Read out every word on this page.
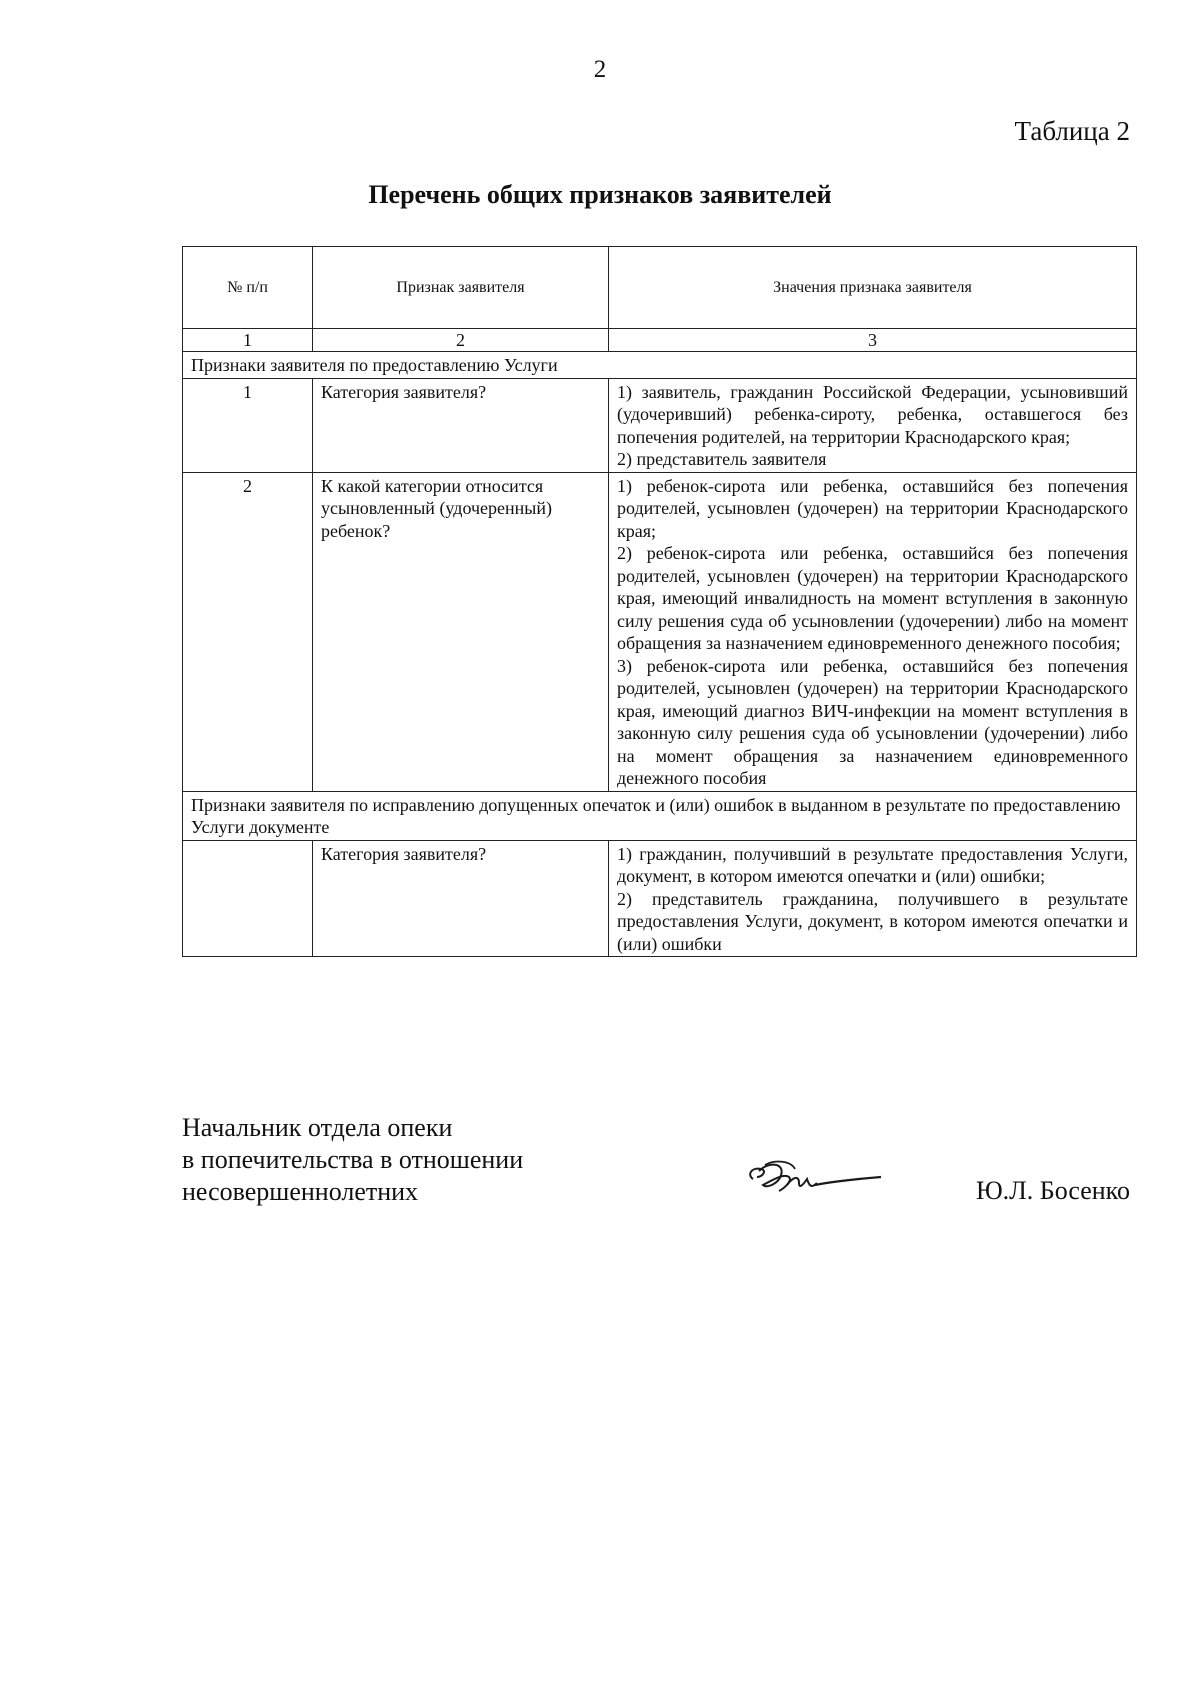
2
Таблица 2
Перечень общих признаков заявителей
№ п/п	Признак заявителя	Значения признака заявителя
1	2	3
Признаки заявителя по предоставлению Услуги		
1	Категория заявителя?	1) заявитель, гражданин Российской Федерации, усыновивший (удочеривший) ребенка-сироту, ребенка, оставшегося без попечения родителей, на территории Краснодарского края;
2) представитель заявителя

2	К какой категории относится усыновленный (удочеренный) ребенок?	1) ребенок-сирота или ребенка, оставшийся без попечения родителей, усыновлен (удочерен) на территории Краснодарского края;
2) ребенок-сирота или ребенка, оставшийся без попечения родителей, усыновлен (удочерен) на территории Краснодарского края, имеющий инвалидность на момент вступления в законную силу решения суда об усыновлении (удочерении) либо на момент обращения за назначением единовременного денежного пособия;
3) ребенок-сирота или ребенка, оставшийся без попечения родителей, усыновлен (удочерен) на территории Краснодарского края, имеющий диагноз ВИЧ-инфекции на момент вступления в законную силу решения суда об усыновлении (удочерении) либо на момент обращения за назначением единовременного денежного пособия

Признаки заявителя по исправлению допущенных опечаток и (или) ошибок в выданном в результате по предоставлению Услуги документе		
	Категория заявителя?	1) гражданин, получивший в результате предоставления Услуги, документ, в котором имеются опечатки и (или) ошибки;
2) представитель гражданина, получившего в результате предоставления Услуги, документ, в котором имеются опечатки и (или) ошибки
Начальник отдела опеки
в попечительства в отношении
несовершеннолетних	Ю.Л. Босенко
